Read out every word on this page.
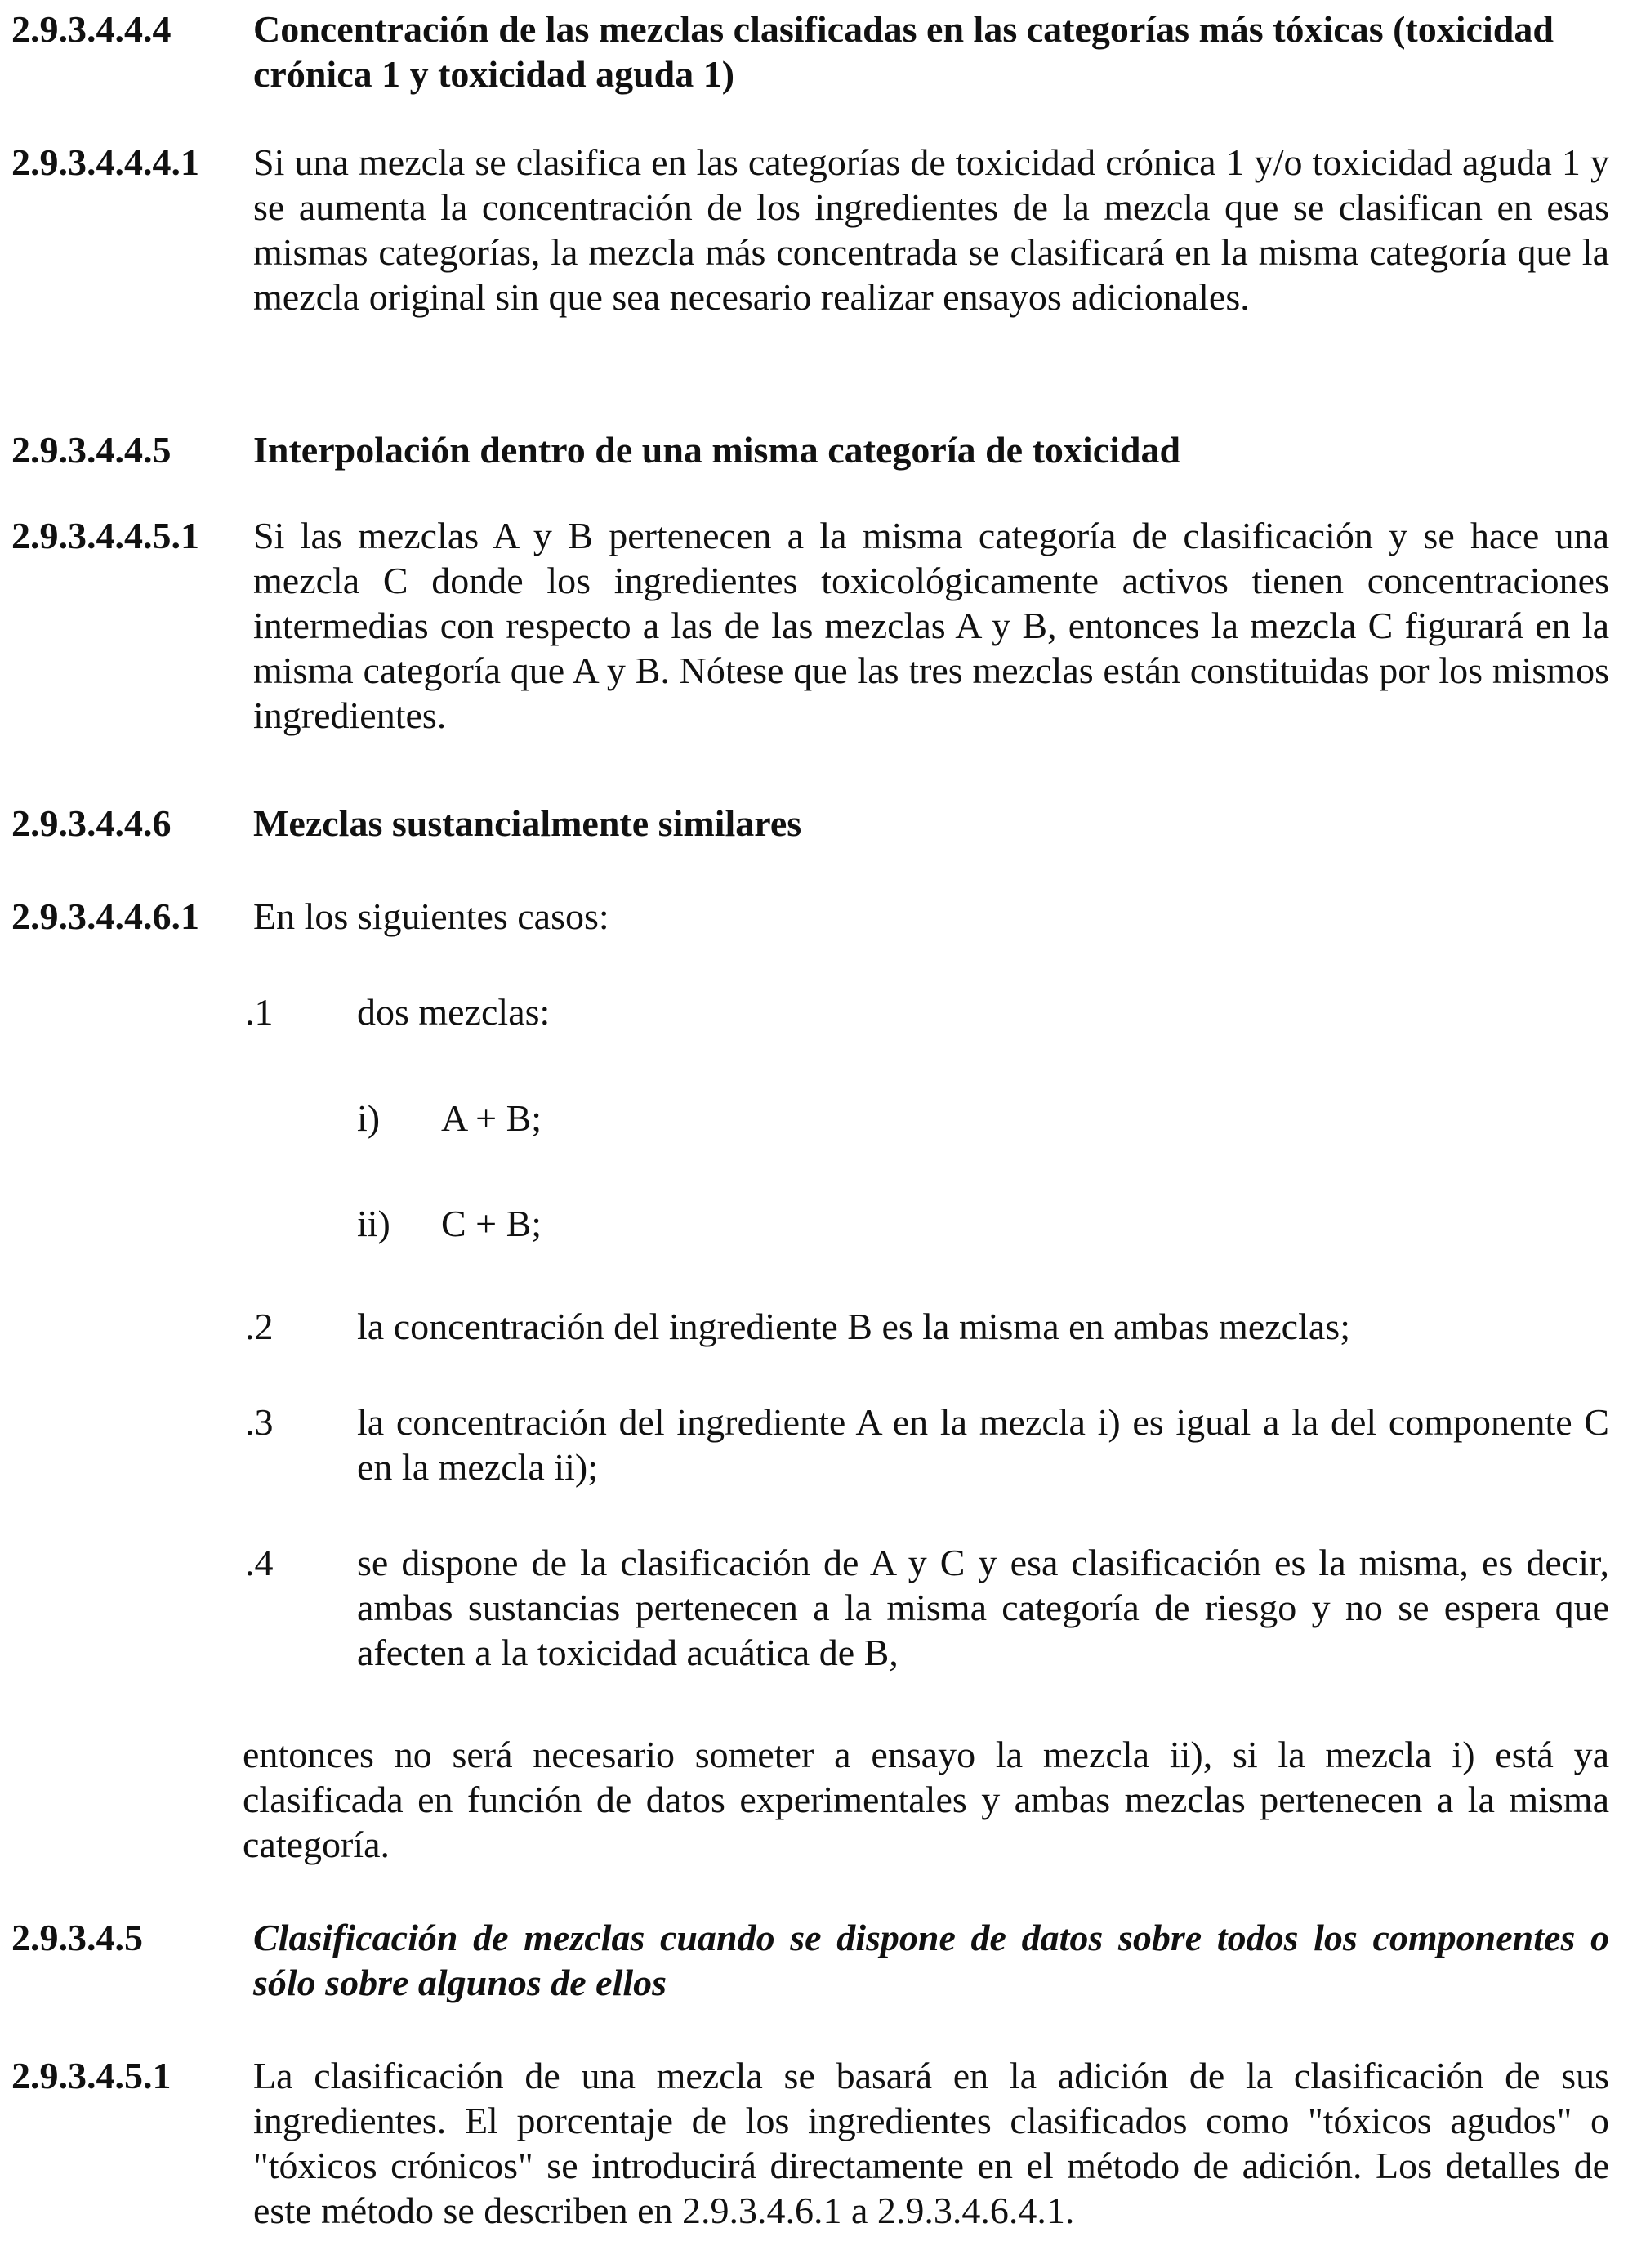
2.9.3.4.4.4 Concentración de las mezclas clasificadas en las categorías más tóxicas (toxicidad crónica 1 y toxicidad aguda 1)
2.9.3.4.4.4.1 Si una mezcla se clasifica en las categorías de toxicidad crónica 1 y/o toxicidad aguda 1 y se aumenta la concentración de los ingredientes de la mezcla que se clasifican en esas mismas categorías, la mezcla más concentrada se clasificará en la misma categoría que la mezcla original sin que sea necesario realizar ensayos adicionales.
2.9.3.4.4.5 Interpolación dentro de una misma categoría de toxicidad
2.9.3.4.4.5.1 Si las mezclas A y B pertenecen a la misma categoría de clasificación y se hace una mezcla C donde los ingredientes toxicológicamente activos tienen concentraciones intermedias con respecto a las de las mezclas A y B, entonces la mezcla C figurará en la misma categoría que A y B. Nótese que las tres mezclas están constituidas por los mismos ingredientes.
2.9.3.4.4.6 Mezclas sustancialmente similares
2.9.3.4.4.6.1 En los siguientes casos:
.1 dos mezclas:
i) A + B;
ii) C + B;
.2 la concentración del ingrediente B es la misma en ambas mezclas;
.3 la concentración del ingrediente A en la mezcla i) es igual a la del componente C en la mezcla ii);
.4 se dispone de la clasificación de A y C y esa clasificación es la misma, es decir, ambas sustancias pertenecen a la misma categoría de riesgo y no se espera que afecten a la toxicidad acuática de B,
entonces no será necesario someter a ensayo la mezcla ii), si la mezcla i) está ya clasificada en función de datos experimentales y ambas mezclas pertenecen a la misma categoría.
2.9.3.4.5	Clasificación de mezclas cuando se dispone de datos sobre todos los componentes o sólo sobre algunos de ellos
2.9.3.4.5.1 La clasificación de una mezcla se basará en la adición de la clasificación de sus ingredientes. El porcentaje de los ingredientes clasificados como "tóxicos agudos" o "tóxicos crónicos" se introducirá directamente en el método de adición. Los detalles de este método se describen en 2.9.3.4.6.1 a 2.9.3.4.6.4.1.
